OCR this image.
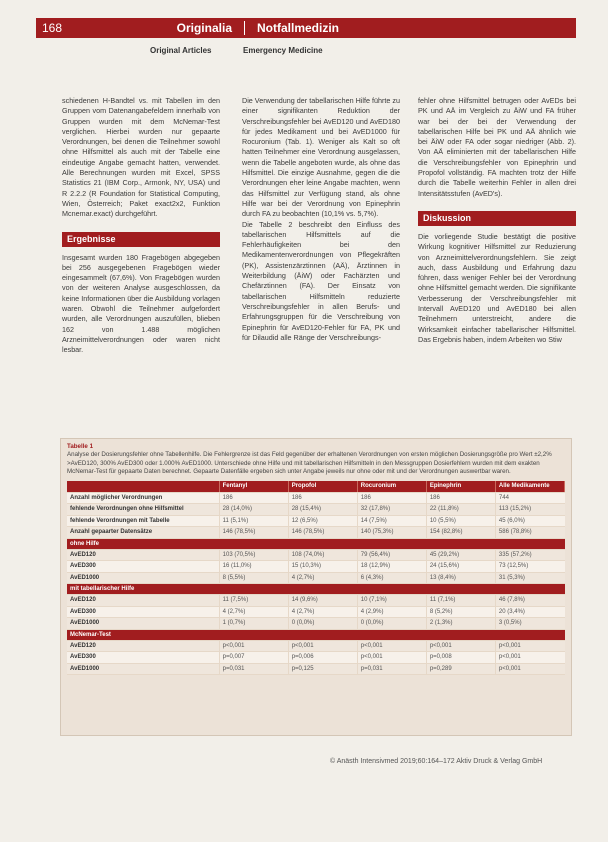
168	Originalia	Notfallmedizin
Original Articles	Emergency Medicine

schiedenen H-Bandtel vs. mit Tabellen im den Gruppen vom Datenangabefeldern innerhalb von Gruppen wurden mit dem McNemar-Test verglichen. Hierbei wurden nur gepaarte Verordnungen, bei denen die Teilnehmer sowohl ohne Hilfsmittel als auch mit der Tabelle eine eindeutige Angabe gemacht hatten, verwendet. Alle Berechnungen wurden mit Excel, SPSS Statistics 21 (IBM Corp., Armonk, NY, USA) und R 2.2.2 (R Foundation for Statistical Computing, Wien, Österreich; Paket exact2x2, Funktion Mcnemar.exact) durchgeführt.

Ergebnisse

Insgesamt wurden 180 Fragebögen abgegeben bei 256 ausgegebenen Fragebögen wieder eingesammelt (67,6%). Von Fragebögen wurden von der weiteren Analyse ausgeschlossen, da keine Informationen über die Ausbildung vorlagen waren. Obwohl die Teilnehmer aufgefordert wurden, alle Verordnungen auszufüllen, blieben 162 von 1.488 möglichen Arzneimittelverordnungen oder waren nicht lesbar.

Die Verwendung der tabellarischen Hilfe führte zu einer signifikanten Reduktion der Verschreibungsfehler bei AvED120 und AvED180 für jedes Medikament und bei AvED1000 für Rocuronium (Tab. 1). Weniger als Kalt so oft hatten Teilnehmer eine Verordnung ausgelassen, wenn die Tabelle angeboten wurde, als ohne das Hilfsmittel. Die einzige Ausnahme, gegen die die Verordnungen eher leine Angabe machten, wenn das Hilfsmittel zur Verfügung stand, als ohne Hilfe war bei der Verordnung von Epinephrin durch FA zu beobachten (10,1% vs. 5,7%).

Die Tabelle 2 beschreibt den Einfluss des tabellarischen Hilfsmittels auf die Fehlerhäufigkeiten bei den Medikamentenverordnungen von Pflegekräften (PK), Assistenzärztinnen (AÄ), Ärztinnen in Weiterbildung (ÄiW) oder Fachärzten und Chefärztinnen (FA). Der Einsatz von tabellarischen Hilfsmitteln reduzierte Verschreibungsfehler in allen Berufs- und Erfahrungsgruppen für die Verschreibung von Epinephrin für AvED120-Fehler für FA, PK und für Dilaudid alle Ränge der Verschreibungs-

fehler ohne Hilfsmittel betrugen oder AvEDs bei PK und AÄ im Vergleich zu ÄiW und FA früher war bei der bei der Verwendung der tabellarischen Hilfe bei PK und AÄ ähnlich wie bei ÄiW oder FA oder sogar niedriger (Abb. 2). Von AÄ eliminierten mit der tabellarischen Hilfe die Verschreibungsfehler von Epinephrin und Propofol vollständig. FA machten trotz der Hilfe durch die Tabelle weiterhin Fehler in allen drei Intensitätsstufen (AvED's).

Diskussion

Die vorliegende Studie bestätigt die positive Wirkung kognitiver Hilfsmittel zur Reduzierung von Arzneimittelverordnungsfehlern. Sie zeigt auch, dass Ausbildung und Erfahrung dazu führen, dass weniger Fehler bei der Verordnung ohne Hilfsmittel gemacht werden. Die signifikante Verbesserung der Verschreibungsfehler mit Intervall AvED120 und AvED180 bei allen Teilnehmern unterstreicht, andere die Wirksamkeit einfacher tabellarischer Hilfsmittel. Das Ergebnis haben, indem Arbeiten wo Stiw

Tabelle 1
Analyse der Dosierungsfehler ohne Tabellenhilfe. Die Fehlergrenze ist das Feld gegenüber der erhaltenen Verordnungen von ersten möglichen Dosierungsgröße pro Wert ±2,2% >AvED120, 300% AvED300 oder 1.000% AvED1000. Unterschiede ohne Hilfe und mit tabellarischen Hilfsmitteln in den Messgruppen Dosierfehlern wurden mit dem exakten McNemar-Test für gepaarte Daten berechnet. Gepaarte Datenfälle ergeben sich unter Angabe jeweils nur ohne oder mit und der Verordnungen auswertbar waren.
	Fentanyl	Propofol	Rocuronium	Epinephrin	Alle Medikamente
Anzahl möglicher Verordnungen	186	186	186	186	744
fehlende Verordnungen ohne Hilfsmittel	28 (14,0%)	28 (15,4%)	32 (17,8%)	22 (11,8%)	113 (15,2%)
fehlende Verordnungen mit Tabelle	11 (5,1%)	12 (6,5%)	14 (7,5%)	10 (5,5%)	45 (6,0%)
Anzahl gepaarter Datensätze	146 (78,5%)	146 (78,5%)	140 (75,3%)	154 (82,8%)	586 (78,8%)
ohne Hilfe					
AvED120	103 (70,5%)	108 (74,0%)	79 (56,4%)	45 (29,2%)	335 (57,2%)
AvED300	16 (11,0%)	15 (10,3%)	18 (12,9%)	24 (15,6%)	73 (12,5%)
AvED1000	8 (5,5%)	4 (2,7%)	6 (4,3%)	13 (8,4%)	31 (5,3%)
mit tabellarischer Hilfe					
AvED120	11 (7,5%)	14 (9,6%)	10 (7,1%)	11 (7,1%)	46 (7,8%)
AvED300	4 (2,7%)	4 (2,7%)	4 (2,9%)	8 (5,2%)	20 (3,4%)
AvED1000	1 (0,7%)	0 (0,0%)	0 (0,0%)	2 (1,3%)	3 (0,5%)
McNemar-Test					
AvED120	p<0,001	p<0,001	p<0,001	p<0,001	p<0,001
AvED300	p=0,007	p=0,006	p<0,001	p=0,008	p<0,001
AvED1000	p=0,031	p=0,125	p=0,031	p=0,289	p<0,001
© Anästh Intensivmed 2019;60:164–172 Aktiv Druck & Verlag GmbH
